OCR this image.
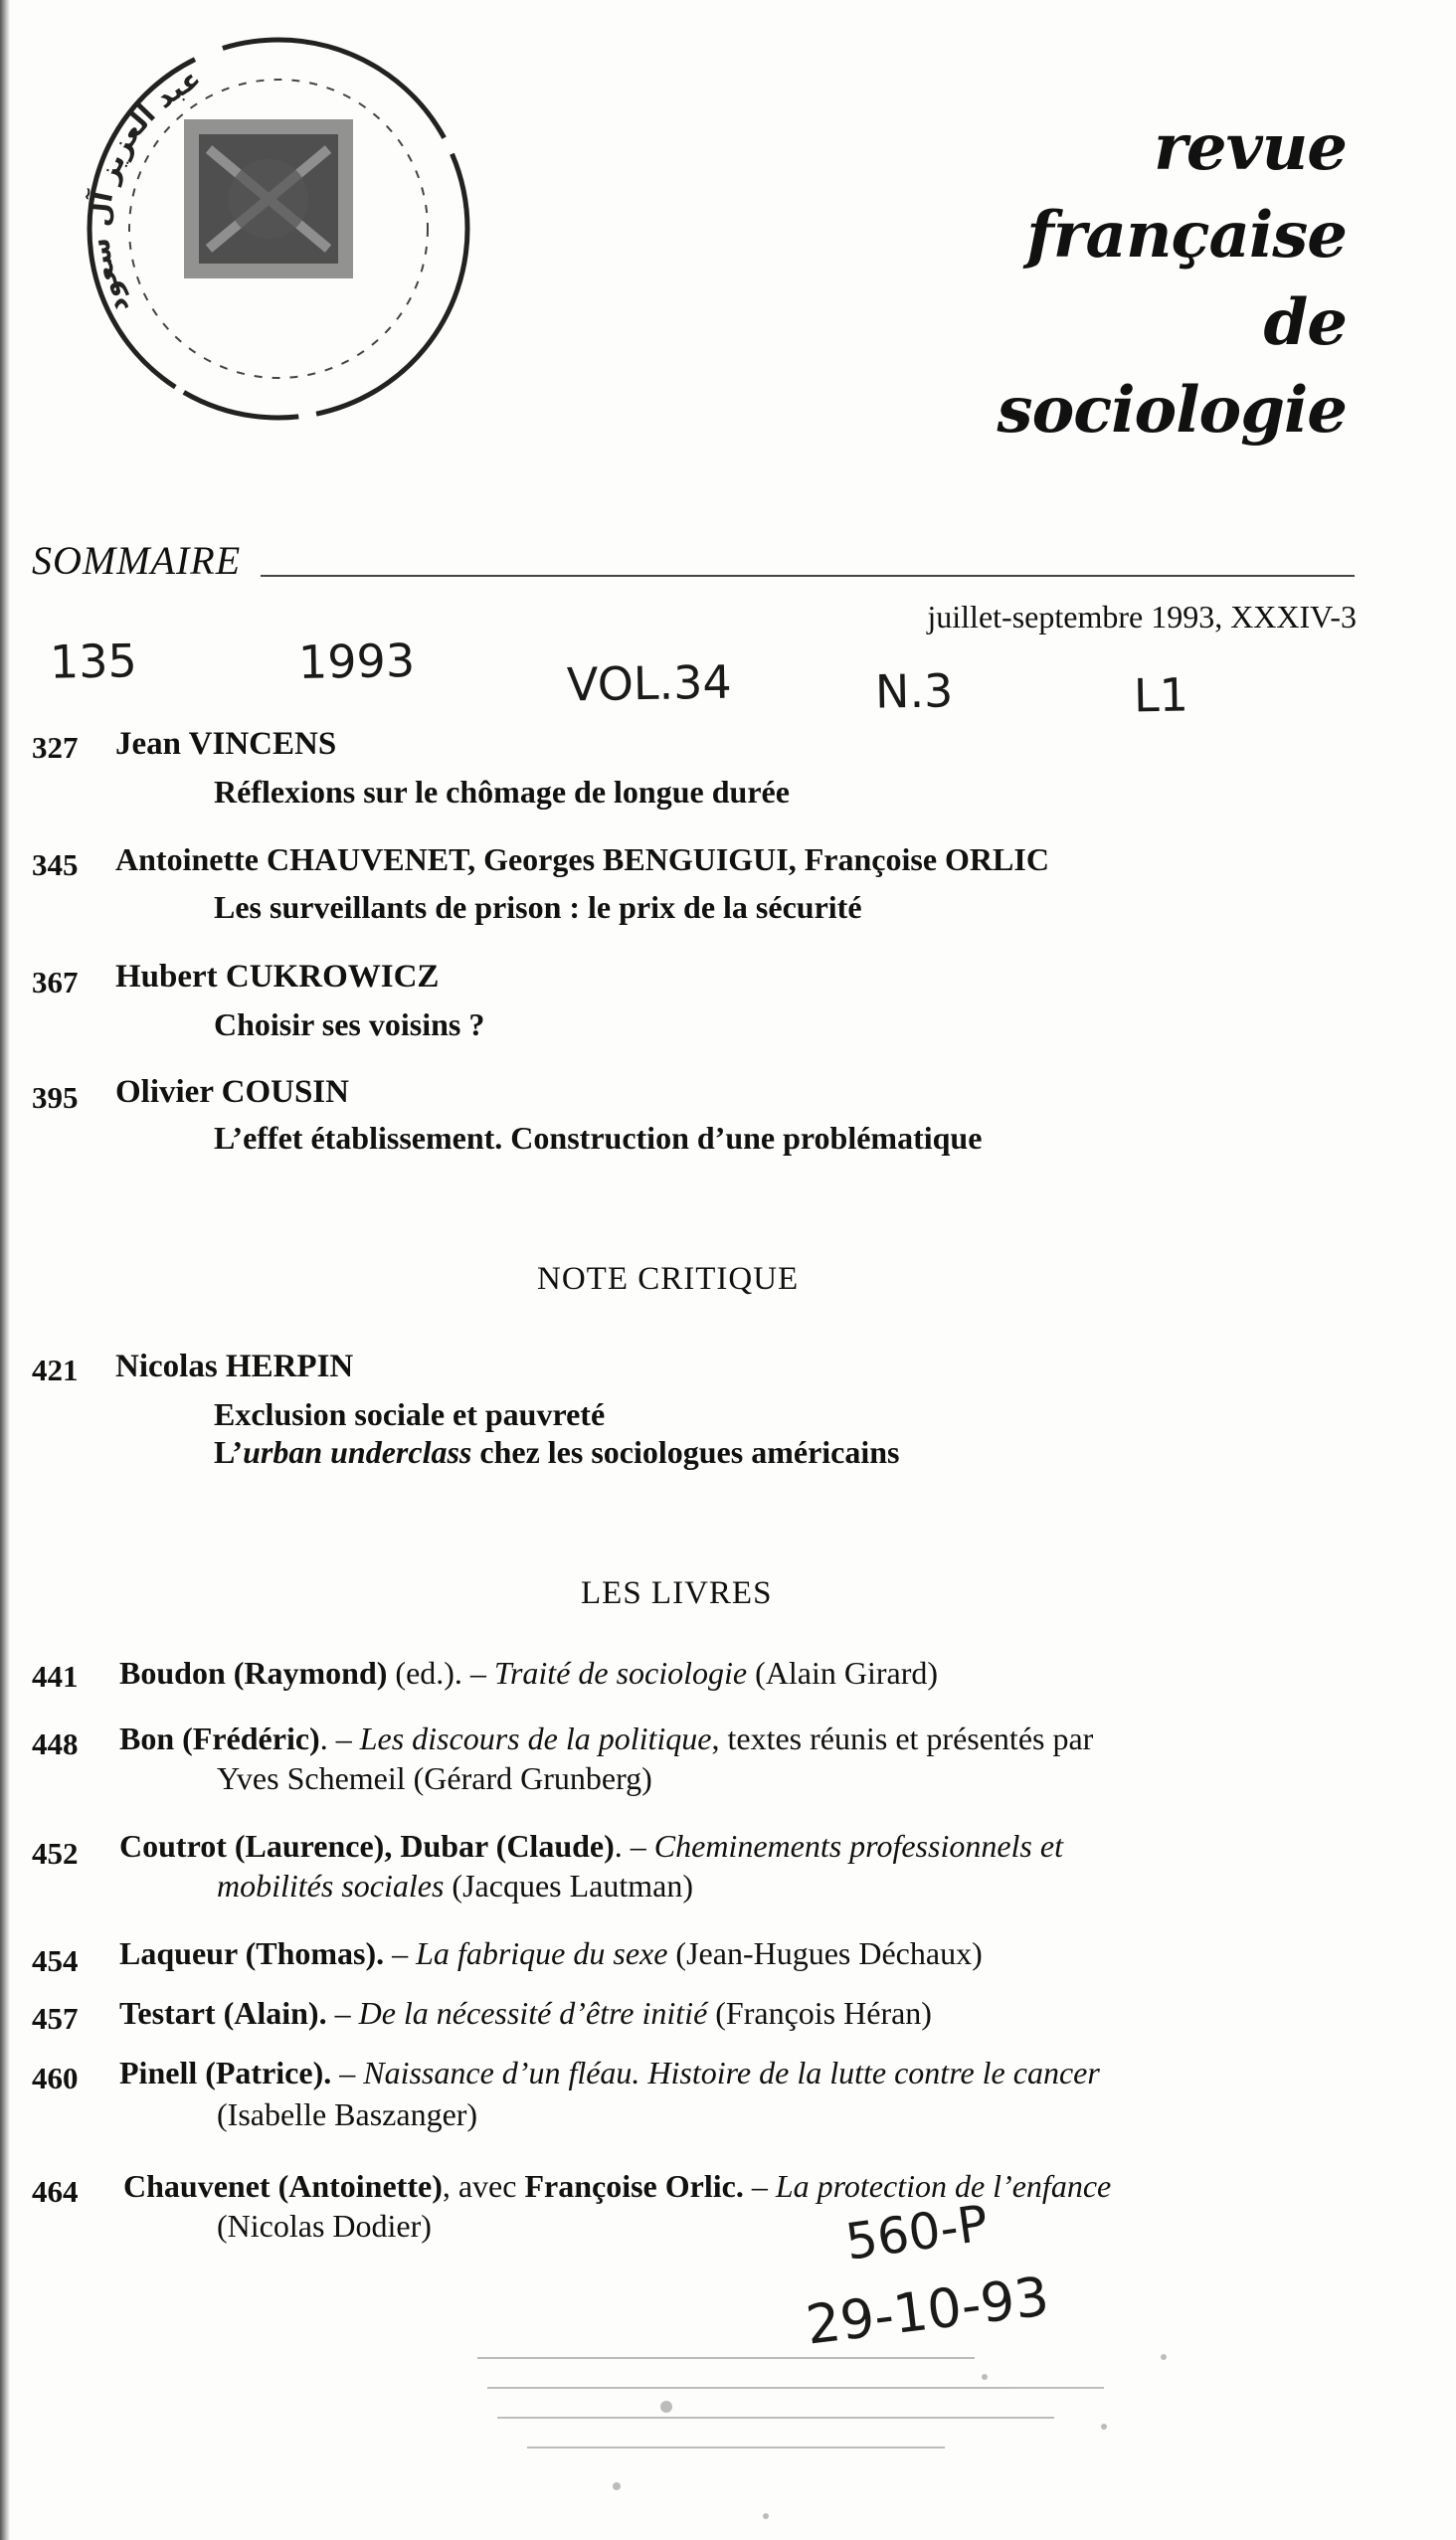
عبد العزيز آل سعود
revue
française
de
sociologie
SOMMAIRE
juillet-septembre 1993, XXXIV-3
135	1993	VOL.34	N.3	L1
327 Jean VINCENS
Réflexions sur le chômage de longue durée
345 Antoinette CHAUVENET, Georges BENGUIGUI, Françoise ORLIC
Les surveillants de prison : le prix de la sécurité
367 Hubert CUKROWICZ
Choisir ses voisins ?
395 Olivier COUSIN
L’effet établissement. Construction d’une problématique
NOTE CRITIQUE
421 Nicolas HERPIN
Exclusion sociale et pauvreté
L’urban underclass chez les sociologues américains
LES LIVRES
441 Boudon (Raymond) (ed.). – Traité de sociologie (Alain Girard)
448 Bon (Frédéric). – Les discours de la politique, textes réunis et présentés par
Yves Schemeil (Gérard Grunberg)
452 Coutrot (Laurence), Dubar (Claude). – Cheminements professionnels et
mobilités sociales (Jacques Lautman)
454 Laqueur (Thomas). – La fabrique du sexe (Jean-Hugues Déchaux)
457 Testart (Alain). – De la nécessité d’être initié (François Héran)
460 Pinell (Patrice). – Naissance d’un fléau. Histoire de la lutte contre le cancer
(Isabelle Baszanger)
464 Chauvenet (Antoinette), avec Françoise Orlic. – La protection de l’enfance
(Nicolas Dodier)	560-P
29-10-93
